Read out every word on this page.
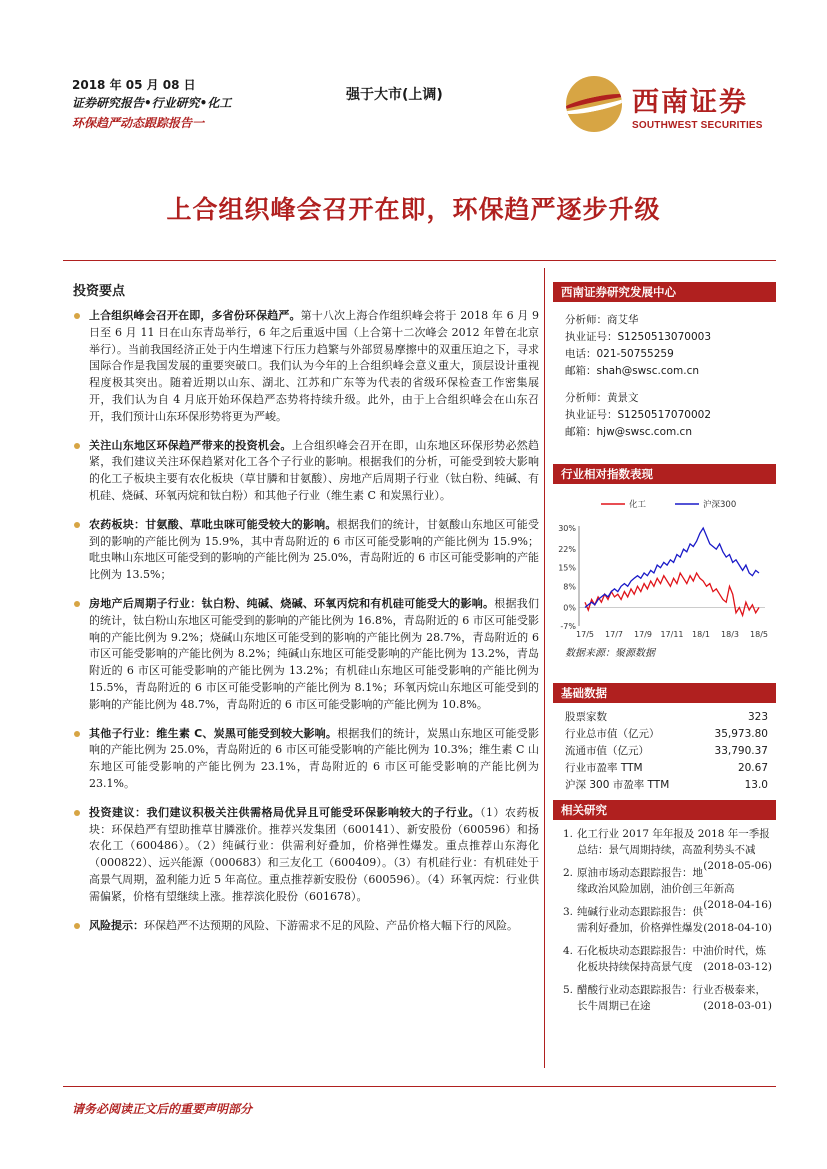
2018 年 05 月 08 日
证券研究报告•行业研究•化工
环保趋严动态跟踪报告一
强于大市(上调)	西南证券
SOUTHWEST SECURITIES
上合组织峰会召开在即，环保趋严逐步升级
投资要点
上合组织峰会召开在即，多省份环保趋严。第十八次上海合作组织峰会将于 2018 年 6 月 9 日至 6 月 11 日在山东青岛举行，6 年之后重返中国（上合第十二次峰会 2012 年曾在北京举行）。当前我国经济正处于内生增速下行压力趋繁与外部贸易摩擦中的双重压迫之下，寻求国际合作是我国发展的重要突破口。我们认为今年的上合组织峰会意义重大，顶层设计重视程度极其突出。随着近期以山东、湖北、江苏和广东等为代表的省级环保检查工作密集展开，我们认为自 4 月底开始环保趋严态势将持续升级。此外，由于上合组织峰会在山东召开，我们预计山东环保形势将更为严峻。
关注山东地区环保趋严带来的投资机会。上合组织峰会召开在即，山东地区环保形势必然趋紧，我们建议关注环保趋紧对化工各个子行业的影响。根据我们的分析，可能受到较大影响的化工子板块主要有农化板块（草甘膦和甘氨酸）、房地产后周期子行业（钛白粉、纯碱、有机硅、烧碱、环氧丙烷和钛白粉）和其他子行业（维生素 C 和炭黑行业）。
农药板块：甘氨酸、草吡虫咪可能受较大的影响。根据我们的统计，甘氨酸山东地区可能受到的影响的产能比例为 15.9%，其中青岛附近的 6 市区可能受影响的产能比例为 15.9%；吡虫啉山东地区可能受到的影响的产能比例为 25.0%，青岛附近的 6 市区可能受影响的产能比例为 13.5%；
房地产后周期子行业：钛白粉、纯碱、烧碱、环氧丙烷和有机硅可能受大的影响。根据我们的统计，钛白粉山东地区可能受到的影响的产能比例为 16.8%，青岛附近的 6 市区可能受影响的产能比例为 9.2%；烧碱山东地区可能受到的影响的产能比例为 28.7%，青岛附近的 6 市区可能受影响的产能比例为 8.2%；纯碱山东地区可能受影响的产能比例为 13.2%，青岛附近的 6 市区可能受影响的产能比例为 13.2%；有机硅山东地区可能受影响的产能比例为 15.5%，青岛附近的 6 市区可能受影响的产能比例为 8.1%；环氧丙烷山东地区可能受到的影响的产能比例为 48.7%，青岛附近的 6 市区可能受影响的产能比例为 10.8%。
其他子行业：维生素 C、炭黑可能受到较大影响。根据我们的统计，炭黑山东地区可能受影响的产能比例为 25.0%，青岛附近的 6 市区可能受影响的产能比例为 10.3%；维生素 C 山东地区可能受影响的产能比例为 23.1%，青岛附近的 6 市区可能受影响的产能比例为 23.1%。
投资建议：我们建议积极关注供需格局优异且可能受环保影响较大的子行业。（1）农药板块：环保趋严有望助推草甘膦涨价。推荐兴发集团（600141）、新安股份（600596）和扬农化工（600486）。（2）纯碱行业：供需利好叠加，价格弹性爆发。重点推荐山东海化（000822）、远兴能源（000683）和三友化工（600409）。（3）有机硅行业：有机硅处于高景气周期，盈利能力近 5 年高位。重点推荐新安股份（600596）。（4）环氧丙烷：行业供需偏紧，价格有望继续上涨。推荐滨化股份（601678）。
风险提示：环保趋严不达预期的风险、下游需求不足的风险、产品价格大幅下行的风险。
西南证券研究发展中心
分析师：商艾华
执业证号：S1250513070003
电话：021-50755259
邮箱：shah@swsc.com.cn
分析师：黄景文
执业证号：S1250517070002
邮箱：hjw@swsc.com.cn
行业相对指数表现
化工	沪深300
30%
22%
15%
8%
0%
-7%
17/5 17/7 17/9 17/11 18/1 18/3 18/5
数据来源：聚源数据
基础数据
股票家数	323
行业总市值（亿元）	35,973.80
流通市值（亿元）	33,790.37
行业市盈率 TTM	20.67
沪深 300 市盈率 TTM	13.0
相关研究
1. 化工行业 2017 年年报及 2018 年一季报总结：景气周期持续，高盈利势头不减
(2018-05-06)
2. 原油市场动态跟踪报告：地缘政治风险加剧，油价创三年新高
(2018-04-16)
3. 纯碱行业动态跟踪报告：供需利好叠加，价格弹性爆发 (2018-04-10)
4. 石化板块动态跟踪报告：中油价时代，炼化板块持续保持高景气度 (2018-03-12)
5. 醋酸行业动态跟踪报告：行业否极泰来，长牛周期已在途	(2018-03-01)
请务必阅读正文后的重要声明部分
